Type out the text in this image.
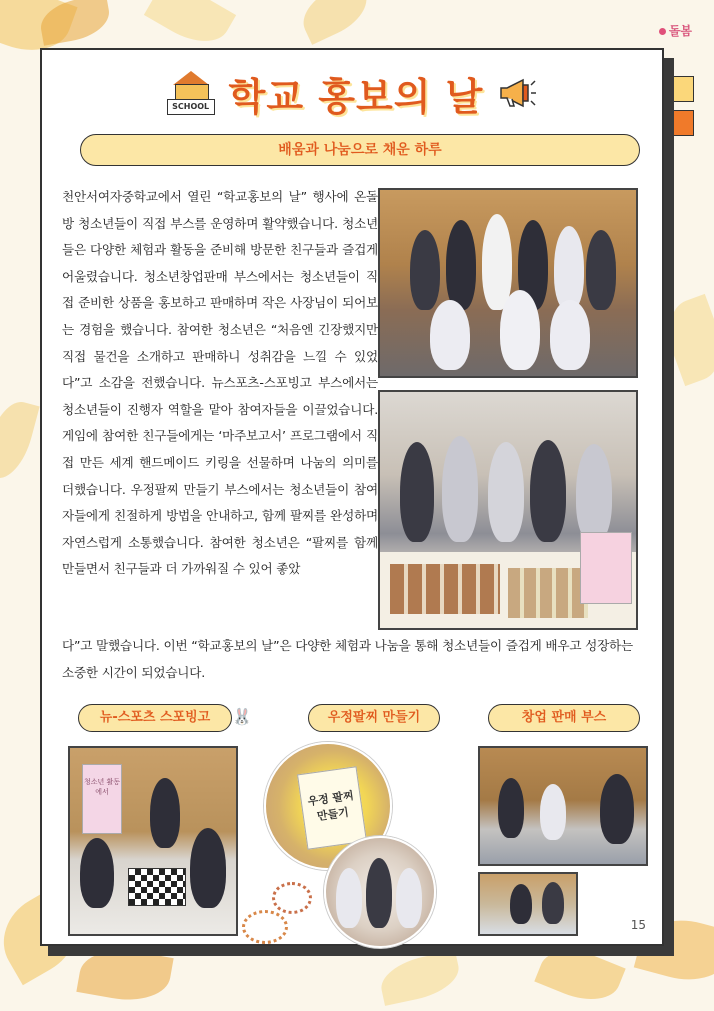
돌봄
SCHOOL 학교 홍보의 날
배움과 나눔으로 채운 하루
천안서여자중학교에서 열린 “학교홍보의 날” 행사에 온돌방 청소년들이 직접 부스를 운영하며 활약했습니다. 청소년들은 다양한 체험과 활동을 준비해 방문한 친구들과 즐겁게 어울렸습니다. 청소년창업판매 부스에서는 청소년들이 직접 준비한 상품을 홍보하고 판매하며 작은 사장님이 되어보는 경험을 했습니다. 참여한 청소년은 “처음엔 긴장했지만 직접 물건을 소개하고 판매하니 성취감을 느낄 수 있었다”고 소감을 전했습니다. 뉴스포츠-스포빙고 부스에서는 청소년들이 진행자 역할을 맡아 참여자들을 이끌었습니다. 게임에 참여한 친구들에게는 ‘마주보고서’ 프로그램에서 직접 만든 세계 핸드메이드 키링을 선물하며 나눔의 의미를 더했습니다. 우정팔찌 만들기 부스에서는 청소년들이 참여자들에게 친절하게 방법을 안내하고, 함께 팔찌를 완성하며 자연스럽게 소통했습니다. 참여한 청소년은 “팔찌를 함께 만들면서 친구들과 더 가까워질 수 있어 좋았
다”고 말했습니다. 이번 “학교홍보의 날”은 다양한 체험과 나눔을 통해 청소년들이 즐겁게 배우고 성장하는 소중한 시간이 되었습니다.
뉴-스포츠 스포빙고	🐰	우정팔찌 만들기	창업 판매 부스
청소년 활동에서	우정 팔찌 만들기
15
